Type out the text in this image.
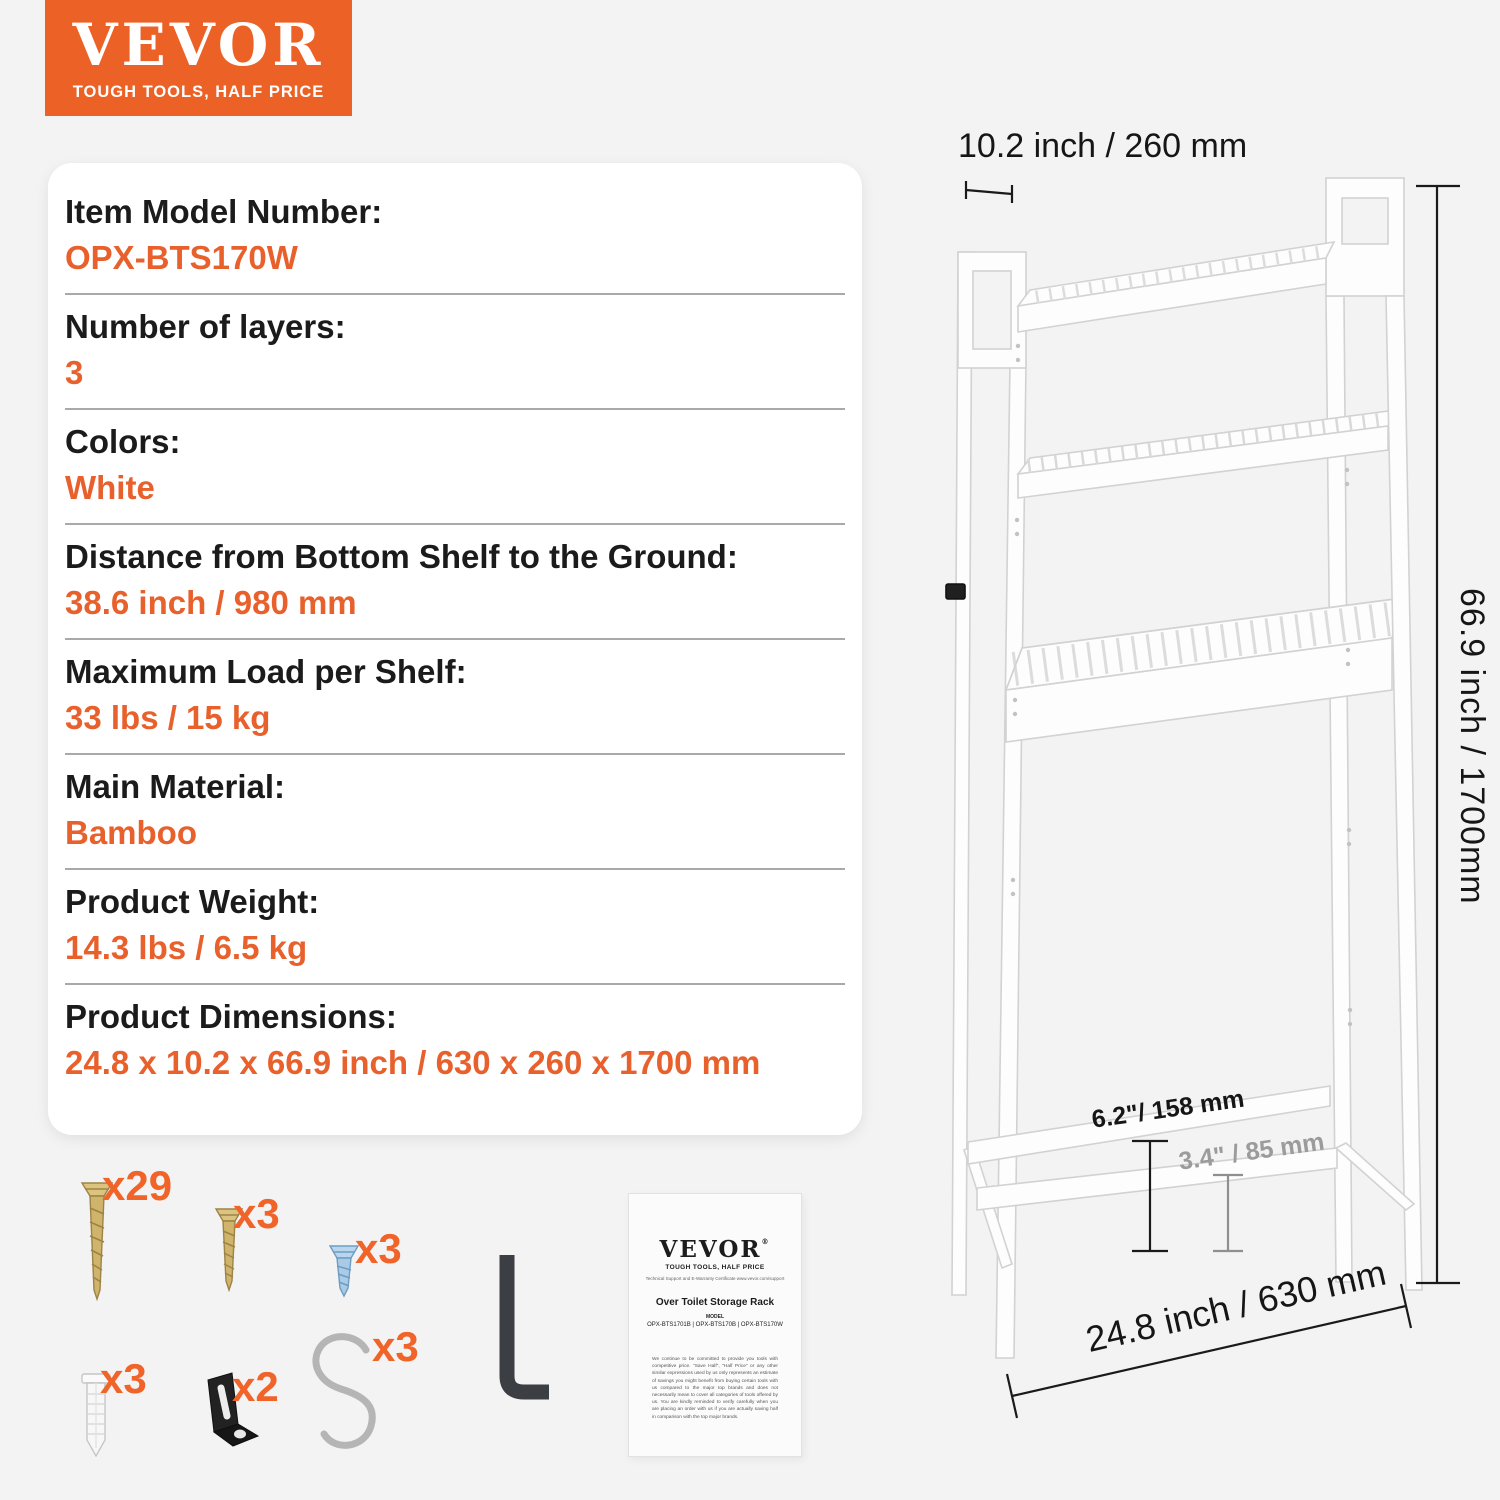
VEVOR
TOUGH TOOLS, HALF PRICE
Item Model Number:
OPX-BTS170W
Number of layers:
3
Colors:
White
Distance from Bottom Shelf to the Ground:
38.6 inch / 980 mm
Maximum Load per Shelf:
33 lbs / 15 kg
Main Material:
Bamboo
Product Weight:
14.3 lbs / 6.5 kg
Product Dimensions:
24.8 x 10.2 x 66.9 inch / 630 x 260 x 1700 mm
10.2 inch / 260 mm
66.9 inch / 1700mm
6.2"/ 158 mm
3.4" / 85 mm
24.8 inch / 630 mm
x29
x3
x3
x3 x2
x3
VEVOR®
TOUGH TOOLS, HALF PRICE
Technical Support and E-Warranty Certificate www.vevor.com/support
Over Toilet Storage Rack
MODEL
OPX-BTS1701B | OPX-BTS170B | OPX-BTS170W
We continue to be committed to provide you tools with competitive price. "Save Half", "Half Price" or any other similar expressions used by us only represents an estimate of savings you might benefit from buying certain tools with us compared to the major top brands and does not necessarily mean to cover all categories of tools offered by us. You are kindly reminded to verify carefully when you are placing an order with us if you are actually saving half in comparison with the top major brands.
